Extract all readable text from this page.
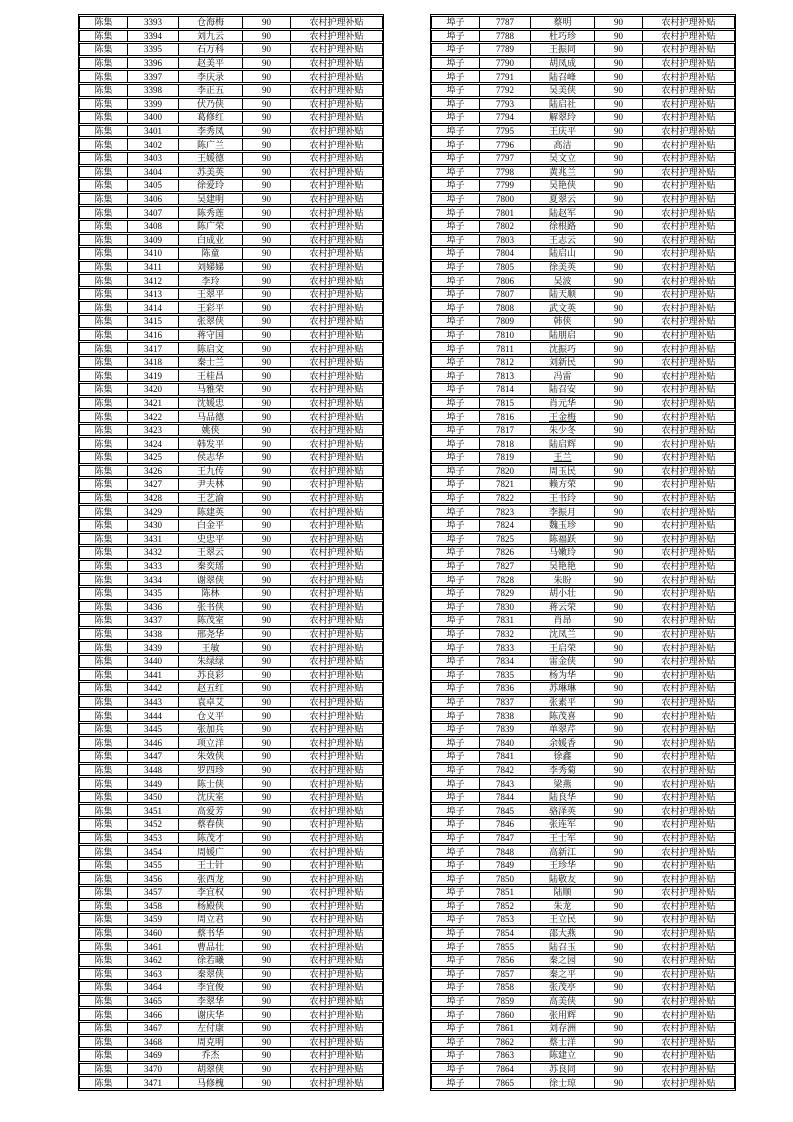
陈集	3393	仓海梅	90	农村护理补贴
陈集	3394	刘九云	90	农村护理补贴
陈集	3395	石万科	90	农村护理补贴
陈集	3396	赵美平	90	农村护理补贴
陈集	3397	李庆录	90	农村护理补贴
陈集	3398	李正五	90	农村护理补贴
陈集	3399	伏乃侠	90	农村护理补贴
陈集	3400	葛修红	90	农村护理补贴
陈集	3401	李秀凤	90	农村护理补贴
陈集	3402	陈广兰	90	农村护理补贴
陈集	3403	王媛德	90	农村护理补贴
陈集	3404	苏美英	90	农村护理补贴
陈集	3405	徐爱玲	90	农村护理补贴
陈集	3406	吴建明	90	农村护理补贴
陈集	3407	陈秀莲	90	农村护理补贴
陈集	3408	陈广荣	90	农村护理补贴
陈集	3409	白成业	90	农村护理补贴
陈集	3410	陈童	90	农村护理补贴
陈集	3411	刘娣娣	90	农村护理补贴
陈集	3412	李玲	90	农村护理补贴
陈集	3413	王翠平	90	农村护理补贴
陈集	3414	王彩平	90	农村护理补贴
陈集	3415	张翠侠	90	农村护理补贴
陈集	3416	蒋守国	90	农村护理补贴
陈集	3417	陈启文	90	农村护理补贴
陈集	3418	秦士兰	90	农村护理补贴
陈集	3419	王桂昌	90	农村护理补贴
陈集	3420	马雅荣	90	农村护理补贴
陈集	3421	沈媛忠	90	农村护理补贴
陈集	3422	马品德	90	农村护理补贴
陈集	3423	姚侠	90	农村护理补贴
陈集	3424	韩发平	90	农村护理补贴
陈集	3425	侯志华	90	农村护理补贴
陈集	3426	王九传	90	农村护理补贴
陈集	3427	尹夫林	90	农村护理补贴
陈集	3428	王艺渝	90	农村护理补贴
陈集	3429	陈建英	90	农村护理补贴
陈集	3430	白金平	90	农村护理补贴
陈集	3431	史忠平	90	农村护理补贴
陈集	3432	王翠云	90	农村护理补贴
陈集	3433	秦奕瑶	90	农村护理补贴
陈集	3434	谢翠侠	90	农村护理补贴
陈集	3435	陈林	90	农村护理补贴
陈集	3436	张书侠	90	农村护理补贴
陈集	3437	陈茂室	90	农村护理补贴
陈集	3438	邢尧华	90	农村护理补贴
陈集	3439	王敏	90	农村护理补贴
陈集	3440	朱绿绿	90	农村护理补贴
陈集	3441	苏良彩	90	农村护理补贴
陈集	3442	赵五红	90	农村护理补贴
陈集	3443	袁卓艾	90	农村护理补贴
陈集	3444	仓义平	90	农村护理补贴
陈集	3445	张加兵	90	农村护理补贴
陈集	3446	项立洋	90	农村护理补贴
陈集	3447	朱效侠	90	农村护理补贴
陈集	3448	罗四珍	90	农村护理补贴
陈集	3449	陈士侠	90	农村护理补贴
陈集	3450	沈庆室	90	农村护理补贴
陈集	3451	高爱芳	90	农村护理补贴
陈集	3452	蔡春侠	90	农村护理补贴
陈集	3453	陈茂才	90	农村护理补贴
陈集	3454	周媛广	90	农村护理补贴
陈集	3455	王士针	90	农村护理补贴
陈集	3456	张西龙	90	农村护理补贴
陈集	3457	李宜权	90	农村护理补贴
陈集	3458	杨殿侠	90	农村护理补贴
陈集	3459	周立君	90	农村护理补贴
陈集	3460	蔡书华	90	农村护理补贴
陈集	3461	曹品壮	90	农村护理补贴
陈集	3462	徐若曦	90	农村护理补贴
陈集	3463	秦翠侠	90	农村护理补贴
陈集	3464	李宜俊	90	农村护理补贴
陈集	3465	李翠华	90	农村护理补贴
陈集	3466	谢庆华	90	农村护理补贴
陈集	3467	左付康	90	农村护理补贴
陈集	3468	周克明	90	农村护理补贴
陈集	3469	乔杰	90	农村护理补贴
陈集	3470	胡翠侠	90	农村护理补贴
陈集	3471	马修槐	90	农村护理补贴
埠子	7787	蔡明	90	农村护理补贴
埠子	7788	杜巧珍	90	农村护理补贴
埠子	7789	王振同	90	农村护理补贴
埠子	7790	胡凤成	90	农村护理补贴
埠子	7791	陆召峰	90	农村护理补贴
埠子	7792	吴美侠	90	农村护理补贴
埠子	7793	陆启社	90	农村护理补贴
埠子	7794	解翠玲	90	农村护理补贴
埠子	7795	王庆平	90	农村护理补贴
埠子	7796	高洁	90	农村护理补贴
埠子	7797	吴文立	90	农村护理补贴
埠子	7798	黄兆兰	90	农村护理补贴
埠子	7799	吴艳侠	90	农村护理补贴
埠子	7800	夏翠云	90	农村护理补贴
埠子	7801	陆赵军	90	农村护理补贴
埠子	7802	徐根路	90	农村护理补贴
埠子	7803	王志云	90	农村护理补贴
埠子	7804	陆启山	90	农村护理补贴
埠子	7805	徐美英	90	农村护理补贴
埠子	7806	吴波	90	农村护理补贴
埠子	7807	陆天顺	90	农村护理补贴
埠子	7808	武文英	90	农村护理补贴
埠子	7809	韩侠	90	农村护理补贴
埠子	7810	陆朋启	90	农村护理补贴
埠子	7811	沈振巧	90	农村护理补贴
埠子	7812	刘新民	90	农村护理补贴
埠子	7813	冯雷	90	农村护理补贴
埠子	7814	陆召安	90	农村护理补贴
埠子	7815	肖元华	90	农村护理补贴
埠子	7816	王金梅	90	农村护理补贴
埠子	7817	朱少冬	90	农村护理补贴
埠子	7818	陆启辉	90	农村护理补贴
埠子	7819	王兰	90	农村护理补贴
埠子	7820	周玉民	90	农村护理补贴
埠子	7821	赖方荣	90	农村护理补贴
埠子	7822	王书玲	90	农村护理补贴
埠子	7823	李振月	90	农村护理补贴
埠子	7824	魏玉珍	90	农村护理补贴
埠子	7825	陈福跃	90	农村护理补贴
埠子	7826	马嫩玲	90	农村护理补贴
埠子	7827	吴艳艳	90	农村护理补贴
埠子	7828	朱盼	90	农村护理补贴
埠子	7829	胡小壮	90	农村护理补贴
埠子	7830	蒋云荣	90	农村护理补贴
埠子	7831	肖昂	90	农村护理补贴
埠子	7832	沈凤兰	90	农村护理补贴
埠子	7833	王启荣	90	农村护理补贴
埠子	7834	雷金侠	90	农村护理补贴
埠子	7835	杨为华	90	农村护理补贴
埠子	7836	苏琳琳	90	农村护理补贴
埠子	7837	张素平	90	农村护理补贴
埠子	7838	陈茂喜	90	农村护理补贴
埠子	7839	单翠芹	90	农村护理补贴
埠子	7840	余媛香	90	农村护理补贴
埠子	7841	徐鑫	90	农村护理补贴
埠子	7842	李秀菊	90	农村护理补贴
埠子	7843	梁燕	90	农村护理补贴
埠子	7844	陆良华	90	农村护理补贴
埠子	7845	骆泽英	90	农村护理补贴
埠子	7846	张连军	90	农村护理补贴
埠子	7847	王士军	90	农村护理补贴
埠子	7848	高新江	90	农村护理补贴
埠子	7849	王珍华	90	农村护理补贴
埠子	7850	陆敬友	90	农村护理补贴
埠子	7851	陆顺	90	农村护理补贴
埠子	7852	朱龙	90	农村护理补贴
埠子	7853	王立民	90	农村护理补贴
埠子	7854	邵大燕	90	农村护理补贴
埠子	7855	陆召玉	90	农村护理补贴
埠子	7856	秦之园	90	农村护理补贴
埠子	7857	秦之平	90	农村护理补贴
埠子	7858	张茂亭	90	农村护理补贴
埠子	7859	高美侠	90	农村护理补贴
埠子	7860	张用辉	90	农村护理补贴
埠子	7861	刘存洲	90	农村护理补贴
埠子	7862	蔡士洋	90	农村护理补贴
埠子	7863	陈建立	90	农村护理补贴
埠子	7864	苏良同	90	农村护理补贴
埠子	7865	徐士琼	90	农村护理补贴
